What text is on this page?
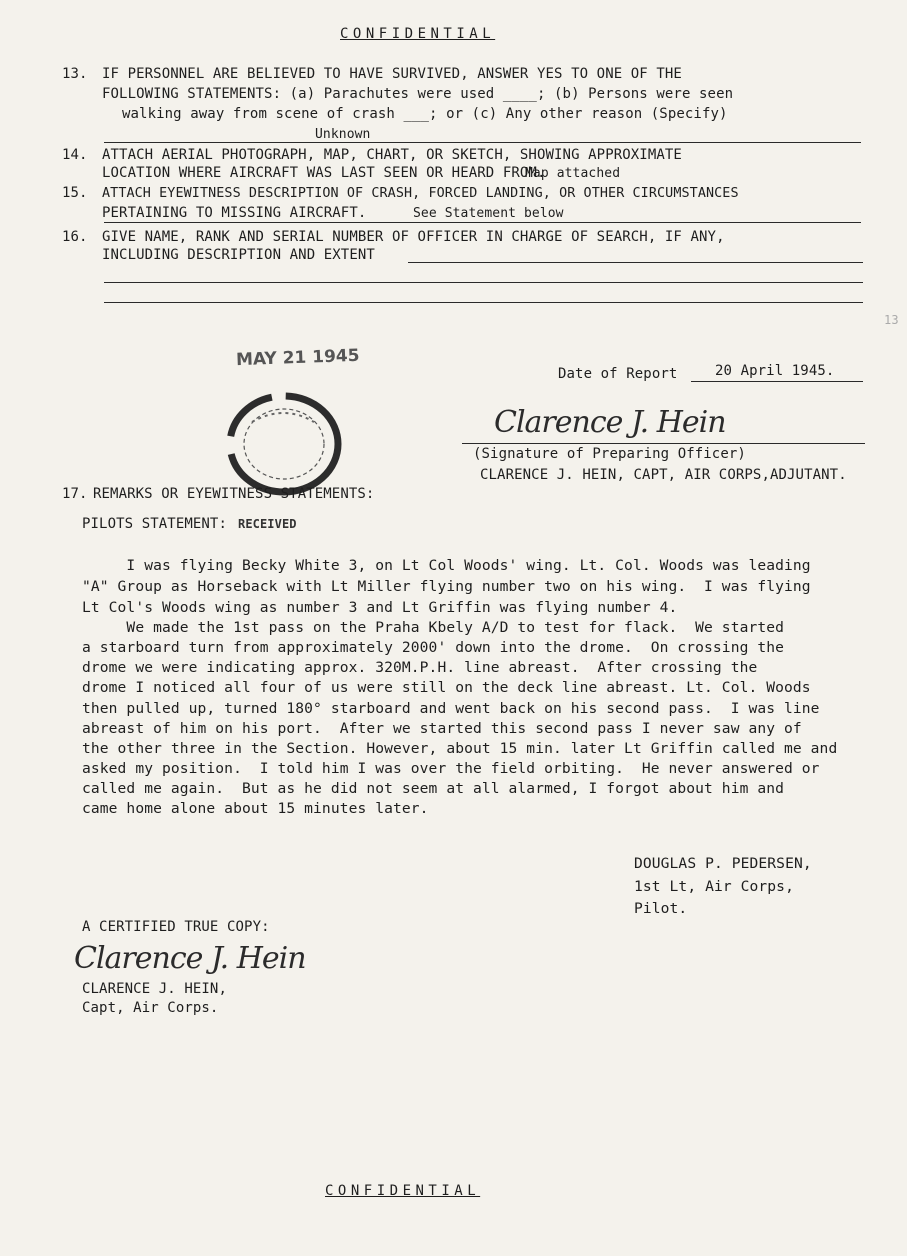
CONFIDENTIAL
13
13. IF PERSONNEL ARE BELIEVED TO HAVE SURVIVED, ANSWER YES TO ONE OF THE
FOLLOWING STATEMENTS: (a) Parachutes were used ____; (b) Persons were seen
walking away from scene of crash ___; or (c) Any other reason (Specify)
Unknown
14. ATTACH AERIAL PHOTOGRAPH, MAP, CHART, OR SKETCH, SHOWING APPROXIMATE
LOCATION WHERE AIRCRAFT WAS LAST SEEN OR HEARD FROM.
Map attached
15. ATTACH EYEWITNESS DESCRIPTION OF CRASH, FORCED LANDING, OR OTHER CIRCUMSTANCES
PERTAINING TO MISSING AIRCRAFT.	See Statement below
16. GIVE NAME, RANK AND SERIAL NUMBER OF OFFICER IN CHARGE OF SEARCH, IF ANY,
INCLUDING DESCRIPTION AND EXTENT
MAY 21 1945
RECEIVED
Date of Report	20 April 1945.
Clarence J. Hein
(Signature of Preparing Officer)
CLARENCE J. HEIN, CAPT, AIR CORPS,ADJUTANT.
17. REMARKS OR EYEWITNESS STATEMENTS:
PILOTS STATEMENT:
I was flying Becky White 3, on Lt Col Woods' wing. Lt. Col. Woods was leading
"A" Group as Horseback with Lt Miller flying number two on his wing.  I was flying
Lt Col's Woods wing as number 3 and Lt Griffin was flying number 4.
We made the 1st pass on the Praha Kbely A/D to test for flack.  We started
a starboard turn from approximately 2000' down into the drome.  On crossing the
drome we were indicating approx. 320M.P.H. line abreast.  After crossing the
drome I noticed all four of us were still on the deck line abreast. Lt. Col. Woods
then pulled up, turned 180° starboard and went back on his second pass.  I was line
abreast of him on his port.  After we started this second pass I never saw any of
the other three in the Section. However, about 15 min. later Lt Griffin called me and
asked my position.  I told him I was over the field orbiting.  He never answered or
called me again.  But as he did not seem at all alarmed, I forgot about him and
came home alone about 15 minutes later.
DOUGLAS P. PEDERSEN,
1st Lt, Air Corps,
Pilot.
A CERTIFIED TRUE COPY:
Clarence J. Hein
CLARENCE J. HEIN,
Capt, Air Corps.
CONFIDENTIAL
